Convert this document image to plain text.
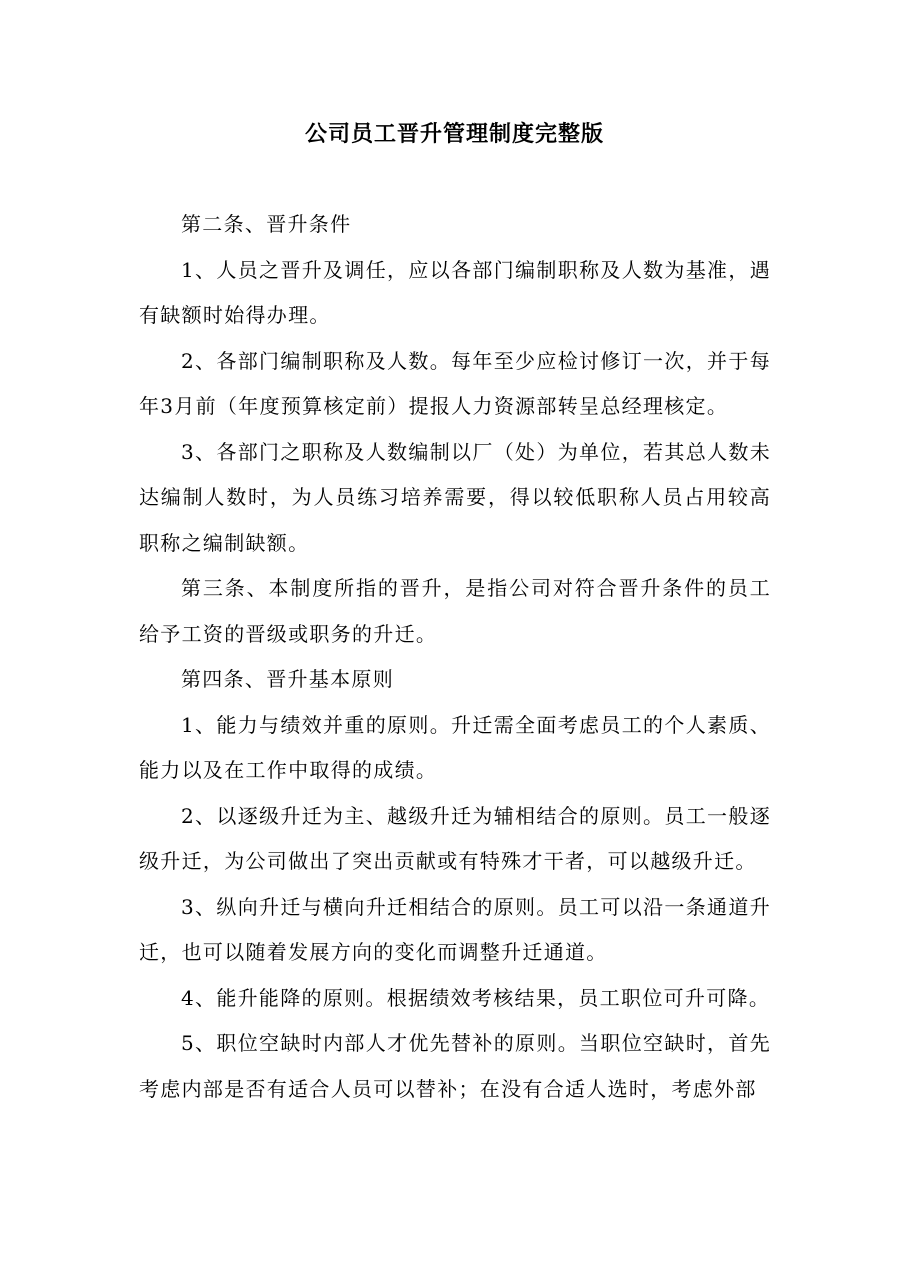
公司员工晋升管理制度完整版

第二条、晋升条件

1、人员之晋升及调任，应以各部门编制职称及人数为基准，遇有缺额时始得办理。

2、各部门编制职称及人数。每年至少应检讨修订一次，并于每年3月前（年度预算核定前）提报人力资源部转呈总经理核定。

3、各部门之职称及人数编制以厂（处）为单位，若其总人数未达编制人数时，为人员练习培养需要，得以较低职称人员占用较高职称之编制缺额。

第三条、本制度所指的晋升，是指公司对符合晋升条件的员工给予工资的晋级或职务的升迁。

第四条、晋升基本原则

1、能力与绩效并重的原则。升迁需全面考虑员工的个人素质、能力以及在工作中取得的成绩。

2、以逐级升迁为主、越级升迁为辅相结合的原则。员工一般逐级升迁，为公司做出了突出贡献或有特殊才干者，可以越级升迁。

3、纵向升迁与横向升迁相结合的原则。员工可以沿一条通道升迁，也可以随着发展方向的变化而调整升迁通道。

4、能升能降的原则。根据绩效考核结果，员工职位可升可降。

5、职位空缺时内部人才优先替补的原则。当职位空缺时，首先考虑内部是否有适合人员可以替补；在没有合适人选时，考虑外部
